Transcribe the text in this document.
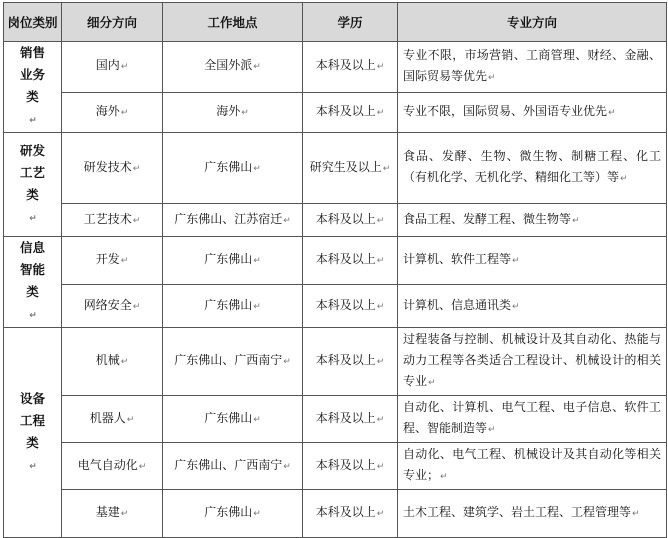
岗位类别	细分方向	工作地点	学历	专业方向
销售业务类↵	国内↵	全国外派↵	本科及以上↵	专业不限，市场营销、工商管理、财经、金融、国际贸易等优先↵
	海外↵	海外↵	本科及以上↵	专业不限，国际贸易、外国语专业优先↵
研发工艺类↵	研发技术↵	广东佛山↵	研究生及以上↵	食品、发酵、生物、微生物、制糖工程、化工（有机化学、无机化学、精细化工等）等↵
	工艺技术↵	广东佛山、江苏宿迁↵	本科及以上↵	食品工程、发酵工程、微生物等↵
信息智能类↵	开发↵	广东佛山↵	本科及以上↵	计算机、软件工程等↵
	网络安全↵	广东佛山↵	本科及以上↵	计算机、信息通讯类↵
设备工程类↵	机械↵	广东佛山、广西南宁↵	本科及以上↵	过程装备与控制、机械设计及其自动化、热能与动力工程等各类适合工程设计、机械设计的相关专业↵
	机器人↵	广东佛山↵	本科及以上↵	自动化、计算机、电气工程、电子信息、软件工程、智能制造等↵
	电气自动化↵	广东佛山、广西南宁↵	本科及以上↵	自动化、电气工程、机械设计及其自动化等相关专业；↵
	基建↵	广东佛山↵	本科及以上↵	土木工程、建筑学、岩土工程、工程管理等↵
